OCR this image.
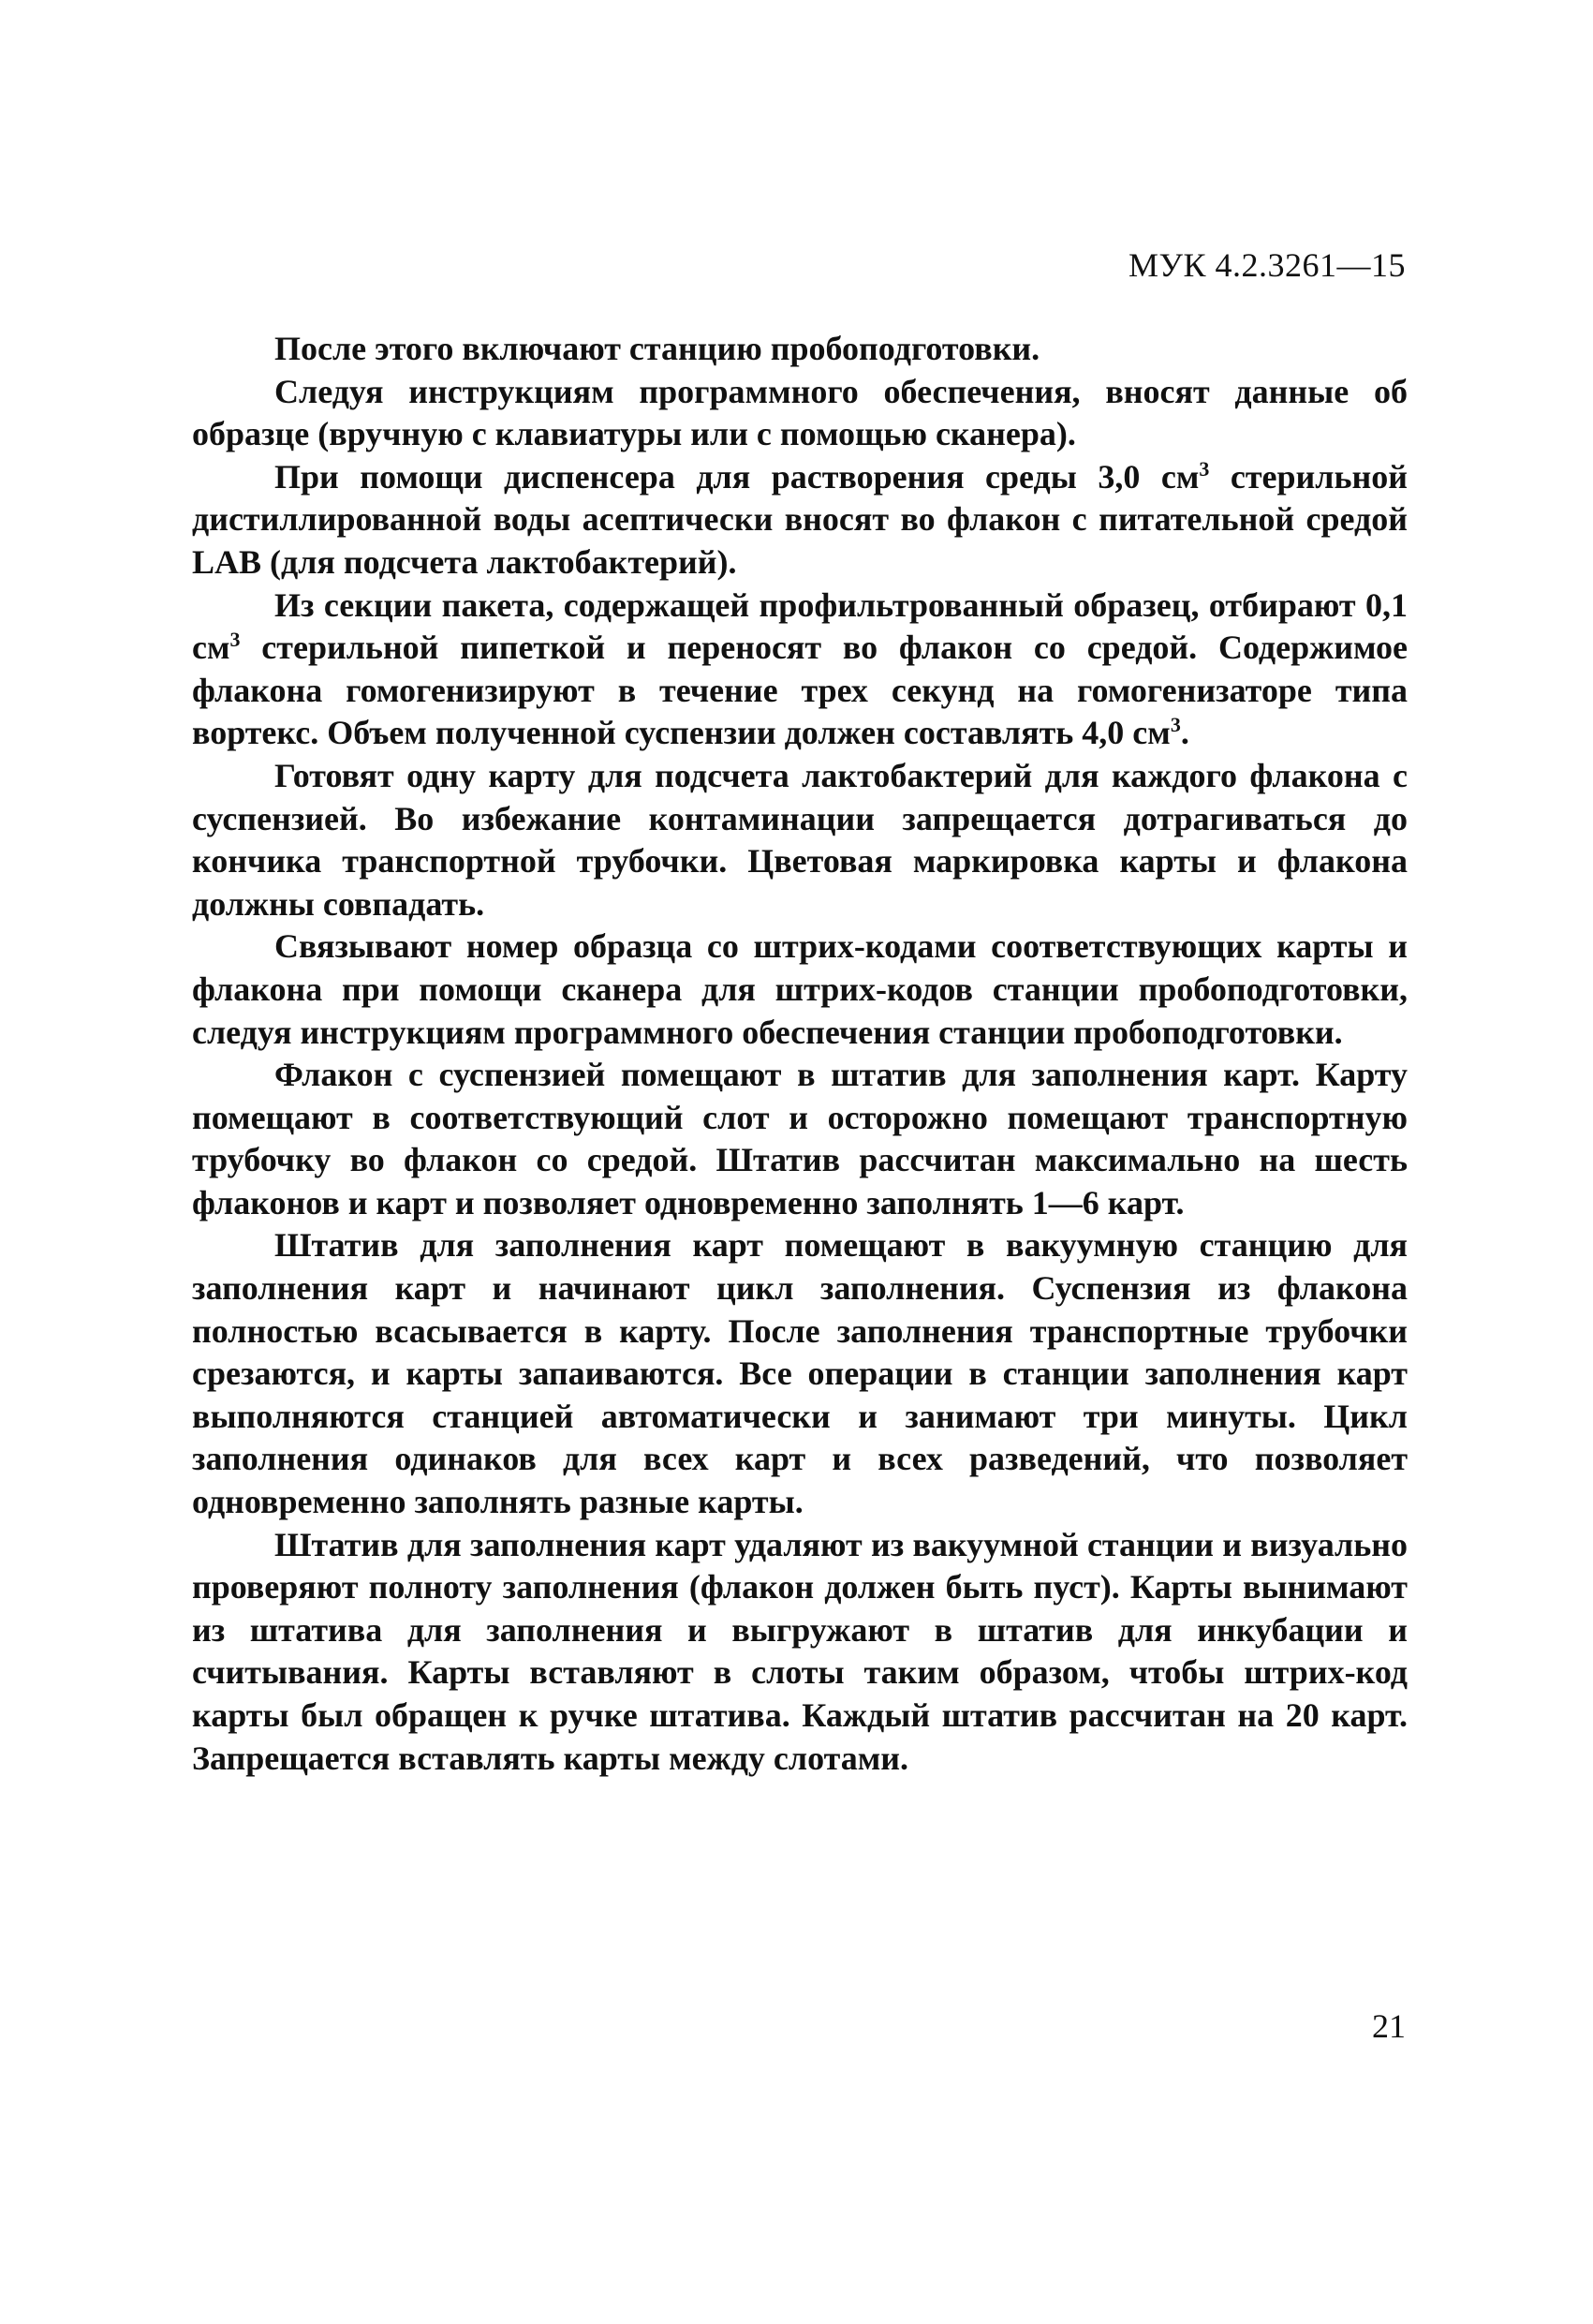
МУК 4.2.3261—15

После этого включают станцию пробоподготовки.

Следуя инструкциям программного обеспечения, вносят данные об образце (вручную с клавиатуры или с помощью сканера).

При помощи диспенсера для растворения среды 3,0 $см^3$ стерильной дистиллированной воды асептически вносят во флакон с питательной средой LAB (для подсчета лактобактерий).

Из секции пакета, содержащей профильтрованный образец, отбирают 0,1 $см^3$ стерильной пипеткой и переносят во флакон со средой. Содержимое флакона гомогенизируют в течение трех секунд на гомогенизаторе типа вортекс. Объем полученной суспензии должен составлять 4,0 $см^3$.

Готовят одну карту для подсчета лактобактерий для каждого флакона с суспензией. Во избежание контаминации запрещается дотрагиваться до кончика транспортной трубочки. Цветовая маркировка карты и флакона должны совпадать.

Связывают номер образца со штрих-кодами соответствующих карты и флакона при помощи сканера для штрих-кодов станции пробоподготовки, следуя инструкциям программного обеспечения станции пробоподготовки.

Флакон с суспензией помещают в штатив для заполнения карт. Карту помещают в соответствующий слот и осторожно помещают транспортную трубочку во флакон со средой. Штатив рассчитан максимально на шесть флаконов и карт и позволяет одновременно заполнять 1—6 карт.

Штатив для заполнения карт помещают в вакуумную станцию для заполнения карт и начинают цикл заполнения. Суспензия из флакона полностью всасывается в карту. После заполнения транспортные трубочки срезаются, и карты запаиваются. Все операции в станции заполнения карт выполняются станцией автоматически и занимают три минуты. Цикл заполнения одинаков для всех карт и всех разведений, что позволяет одновременно заполнять разные карты.

Штатив для заполнения карт удаляют из вакуумной станции и визуально проверяют полноту заполнения (флакон должен быть пуст). Карты вынимают из штатива для заполнения и выгружают в штатив для инкубации и считывания. Карты вставляют в слоты таким образом, чтобы штрих-код карты был обращен к ручке штатива. Каждый штатив рассчитан на 20 карт. Запрещается вставлять карты между слотами.

21
